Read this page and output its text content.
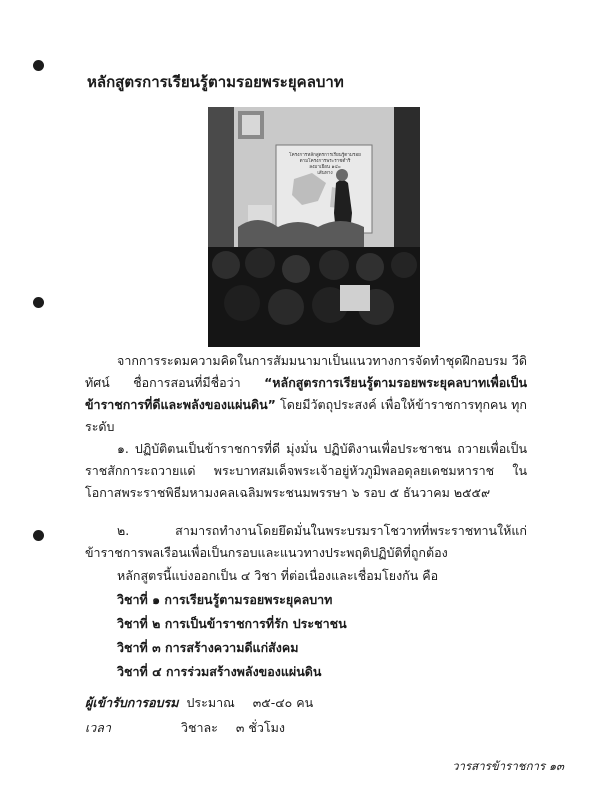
หลักสูตรการเรียนรู้ตามรอยพระยุคลบาท
โครงการหลักสูตรการเรียนรู้ตามรอย
ตามโครงการพระราชดำริ
ลงมาเยือน ๑๔๐
เส้นทาง
จากการระดมความคิดในการสัมมนามาเป็นแนวทางการจัดทำชุดฝึกอบรม วีดิทัศน์ ชื่อการสอนที่มีชื่อว่า “หลักสูตรการเรียนรู้ตามรอยพระยุคลบาทเพื่อเป็นข้าราชการที่ดีและพลังของแผ่นดิน” โดยมีวัตถุประสงค์ เพื่อให้ข้าราชการทุกคน ทุกระดับ
๑. ปฏิบัติตนเป็นข้าราชการที่ดี มุ่งมั่น ปฏิบัติงานเพื่อประชาชน ถวายเพื่อเป็นราชสักการะถวายแด่ พระบาทสมเด็จพระเจ้าอยู่หัวภูมิพลอดุลยเดชมหาราช ในโอกาสพระราชพิธีมหามงคลเฉลิมพระชนมพรรษา ๖ รอบ ๕ ธันวาคม ๒๕๕๙
๒. สามารถทำงานโดยยึดมั่นในพระบรมราโชวาทที่พระราชทานให้แก่ข้าราชการพลเรือนเพื่อเป็นกรอบและแนวทางประพฤติปฏิบัติที่ถูกต้อง
หลักสูตรนี้แบ่งออกเป็น ๔ วิชา ที่ต่อเนื่องและเชื่อมโยงกัน คือ
วิชาที่ ๑ การเรียนรู้ตามรอยพระยุคลบาท
วิชาที่ ๒ การเป็นข้าราชการที่รัก ประชาชน
วิชาที่ ๓ การสร้างความดีแก่สังคม
วิชาที่ ๔ การร่วมสร้างพลังของแผ่นดิน
ผู้เข้ารับการอบรม ประมาณ ๓๕-๔๐ คน
เวลา	วิชาละ ๓ ชั่วโมง
วารสารข้าราชการ ๑๓
